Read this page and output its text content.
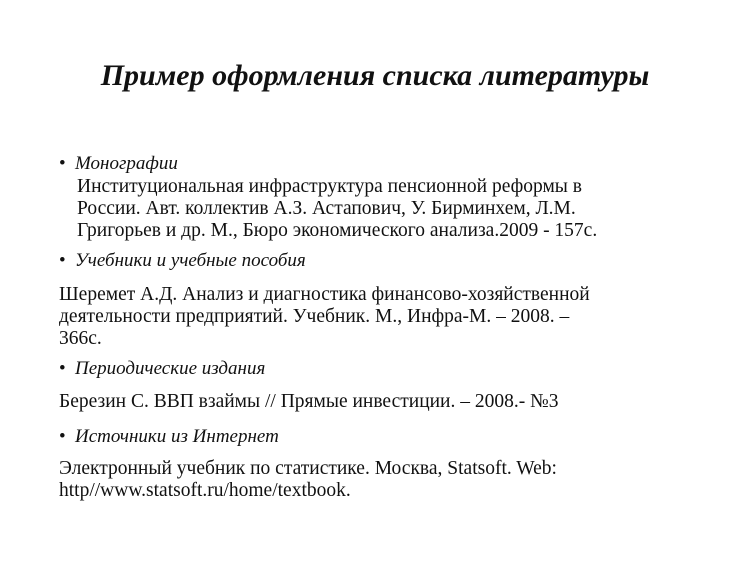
Пример оформления списка литературы
• Монографии
Институциональная инфраструктура пенсионной реформы в
России. Авт. коллектив А.З. Астапович, У. Бирминхем, Л.М.
Григорьев и др. М., Бюро экономического анализа.2009 - 157с.
• Учебники и учебные пособия
Шеремет А.Д. Анализ и диагностика финансово-хозяйственной
деятельности предприятий. Учебник. М., Инфра-М. – 2008. –
366с.
• Периодические издания
Березин С. ВВП взаймы // Прямые инвестиции. – 2008.- №3
• Источники из Интернет
Электронный учебник по статистике. Москва, Statsoft. Web:
http//www.statsoft.ru/home/textbook.
